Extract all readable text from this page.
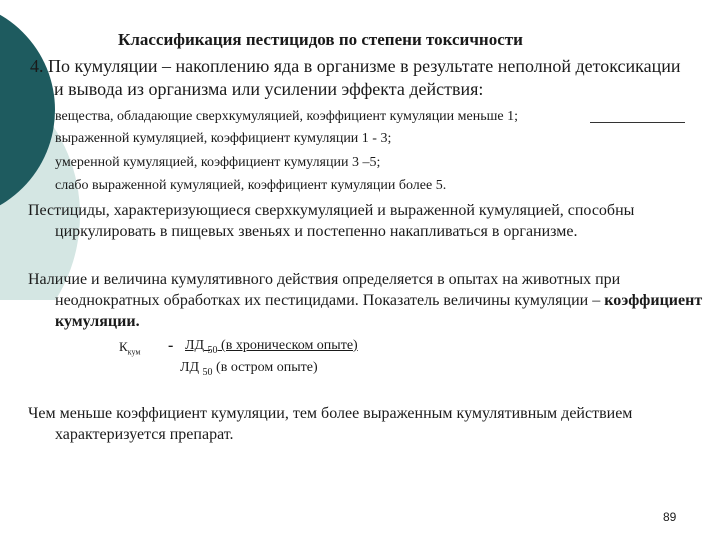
Классификация пестицидов по степени токсичности
4. По кумуляции – накоплению яда в организме в результате неполной детоксикации и вывода из организма или усилении эффекта действия:
вещества, обладающие сверхкумуляцией, коэффициент кумуляции меньше 1;
выраженной кумуляцией, коэффициент кумуляции 1 - 3;
умеренной кумуляцией, коэффициент кумуляции 3 –5;
слабо выраженной кумуляцией, коэффициент кумуляции более 5.
Пестициды, характеризующиеся сверхкумуляцией и выраженной кумуляцией, способны циркулировать в пищевых звеньях и постепенно накапливаться в организме.
Наличие и величина кумулятивного действия определяется в опытах на животных при неоднократных обработках их пестицидами. Показатель величины кумуляции – коэффициент кумуляции.
$К_{кум}$ - ЛД $_{50}$ (в хроническом опыте)
ЛД $_{50}$ (в остром опыте)
Чем меньше коэффициент кумуляции, тем более выраженным кумулятивным действием характеризуется препарат.
89
